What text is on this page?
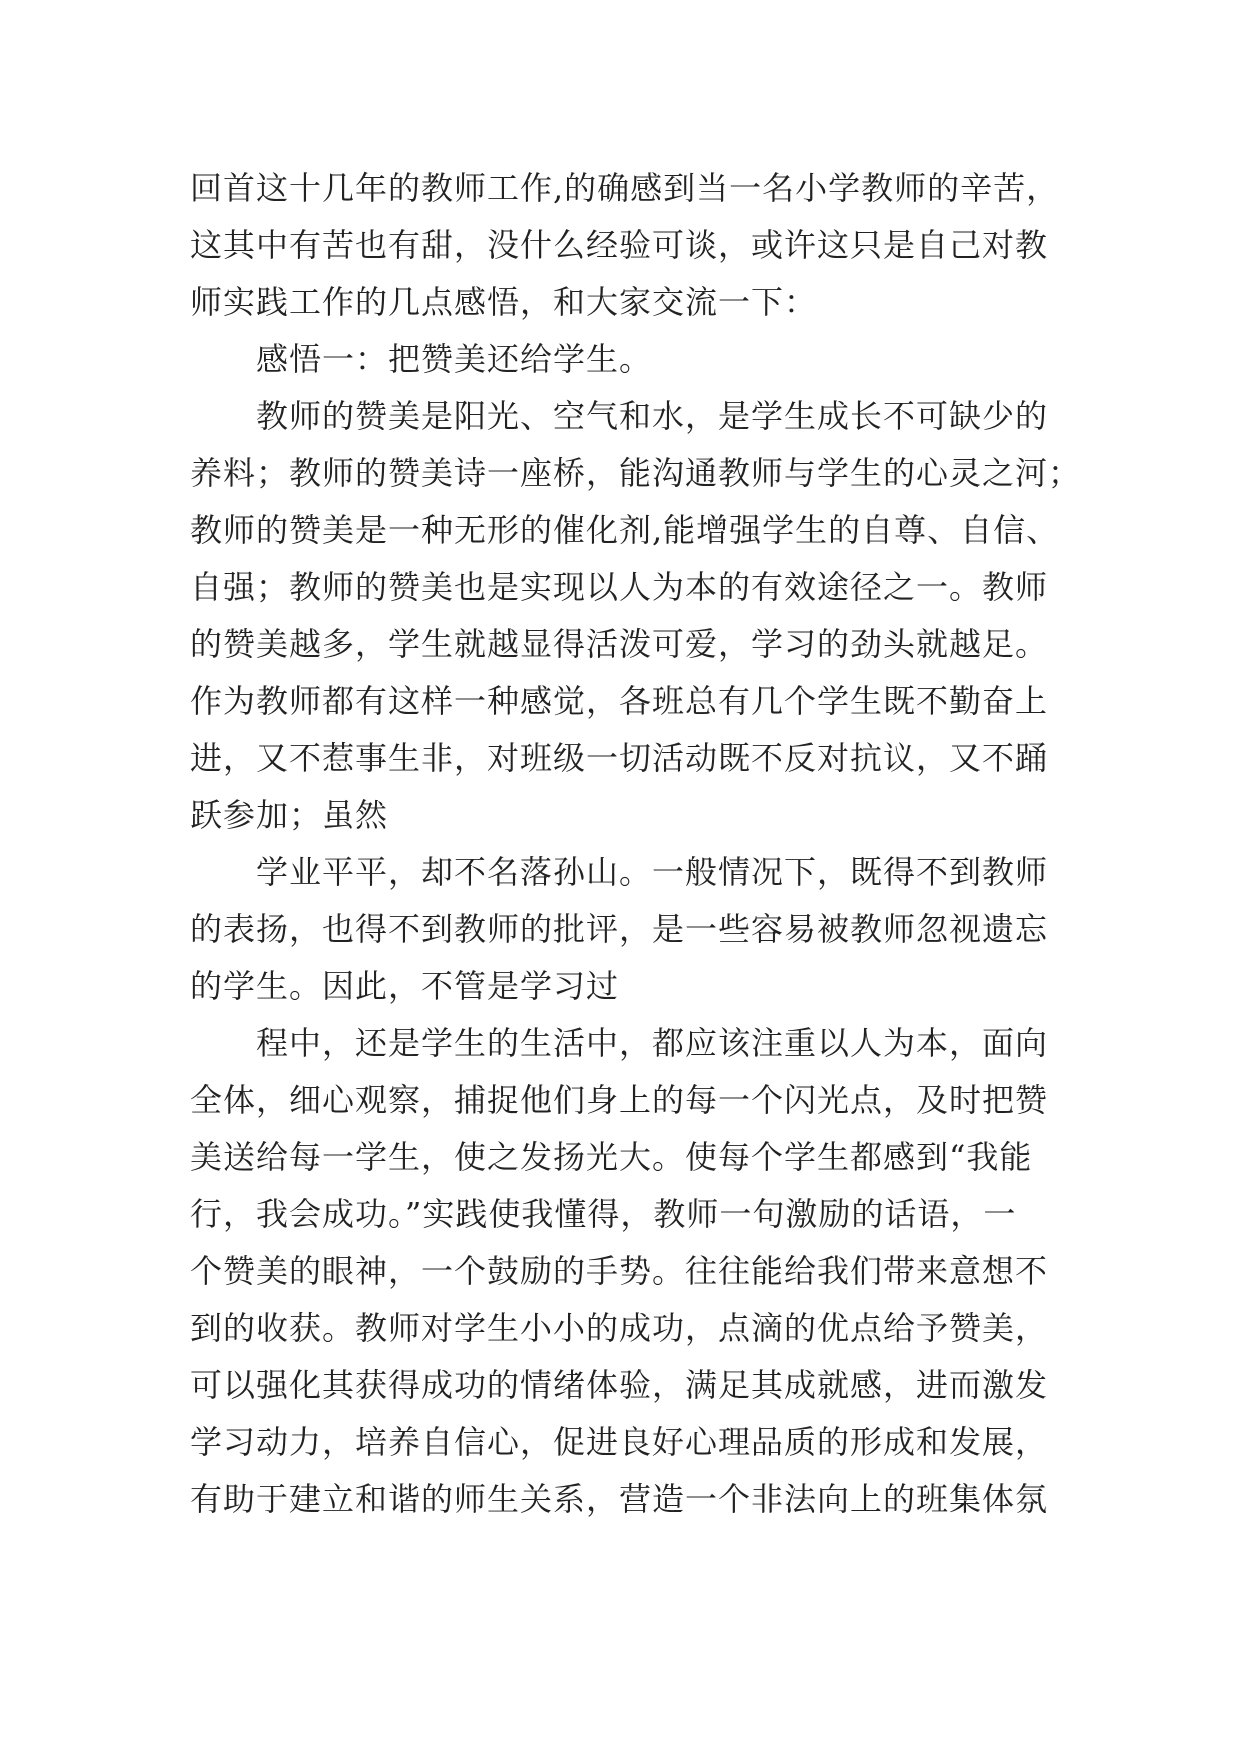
回首这十几年的教师工作,的确感到当一名小学教师的辛苦，
这其中有苦也有甜，没什么经验可谈，或许这只是自己对教
师实践工作的几点感悟，和大家交流一下：
感悟一：把赞美还给学生。
教师的赞美是阳光、空气和水，是学生成长不可缺少的
养料；教师的赞美诗一座桥，能沟通教师与学生的心灵之河；
教师的赞美是一种无形的催化剂,能增强学生的自尊、自信、
自强；教师的赞美也是实现以人为本的有效途径之一。教师
的赞美越多，学生就越显得活泼可爱，学习的劲头就越足。
作为教师都有这样一种感觉，各班总有几个学生既不勤奋上
进，又不惹事生非，对班级一切活动既不反对抗议，又不踊
跃参加；虽然
学业平平，却不名落孙山。一般情况下，既得不到教师
的表扬，也得不到教师的批评，是一些容易被教师忽视遗忘
的学生。因此，不管是学习过
程中，还是学生的生活中，都应该注重以人为本，面向
全体，细心观察，捕捉他们身上的每一个闪光点，及时把赞
美送给每一学生，使之发扬光大。使每个学生都感到“我能
行，我会成功。”实践使我懂得，教师一句激励的话语，一
个赞美的眼神，一个鼓励的手势。往往能给我们带来意想不
到的收获。教师对学生小小的成功，点滴的优点给予赞美，
可以强化其获得成功的情绪体验，满足其成就感，进而激发
学习动力，培养自信心，促进良好心理品质的形成和发展，
有助于建立和谐的师生关系，营造一个非法向上的班集体氛
